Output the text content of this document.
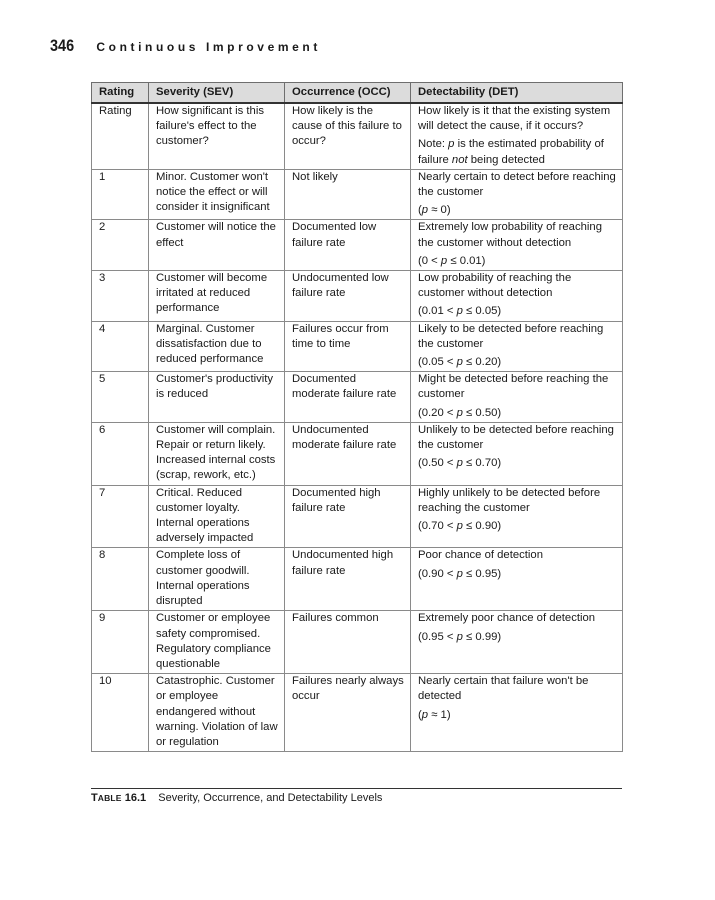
346 Continuous Improvement
Rating	Severity (SEV)	Occurrence (OCC)	Detectability (DET)
Rating	How significant is this failure's effect to the customer?	How likely is the cause of this failure to occur?	How likely is it that the existing system will detect the cause, if it occurs?
Note: p is the estimated probability of failure not being detected

1	Minor. Customer won't notice the effect or will consider it insignificant	Not likely	Nearly certain to detect before reaching the customer
(p ≈ 0)

2	Customer will notice the effect	Documented low failure rate	Extremely low probability of reaching the customer without detection
(0 < p ≤ 0.01)

3	Customer will become irritated at reduced performance	Undocumented low failure rate	Low probability of reaching the customer without detection
(0.01 < p ≤ 0.05)

4	Marginal. Customer dissatisfaction due to reduced performance	Failures occur from time to time	Likely to be detected before reaching the customer
(0.05 < p ≤ 0.20)

5	Customer's productivity is reduced	Documented moderate failure rate	Might be detected before reaching the customer
(0.20 < p ≤ 0.50)

6	Customer will complain. Repair or return likely. Increased internal costs (scrap, rework, etc.)	Undocumented moderate failure rate	Unlikely to be detected before reaching the customer
(0.50 < p ≤ 0.70)

7	Critical. Reduced customer loyalty. Internal operations adversely impacted	Documented high failure rate	Highly unlikely to be detected before reaching the customer
(0.70 < p ≤ 0.90)

8	Complete loss of customer goodwill. Internal operations disrupted	Undocumented high failure rate	Poor chance of detection
(0.90 < p ≤ 0.95)

9	Customer or employee safety compromised. Regulatory compliance questionable	Failures common	Extremely poor chance of detection
(0.95 < p ≤ 0.99)

10	Catastrophic. Customer or employee endangered without warning. Violation of law or regulation	Failures nearly always occur	Nearly certain that failure won't be detected
(p ≈ 1)
TABLE 16.1 Severity, Occurrence, and Detectability Levels
